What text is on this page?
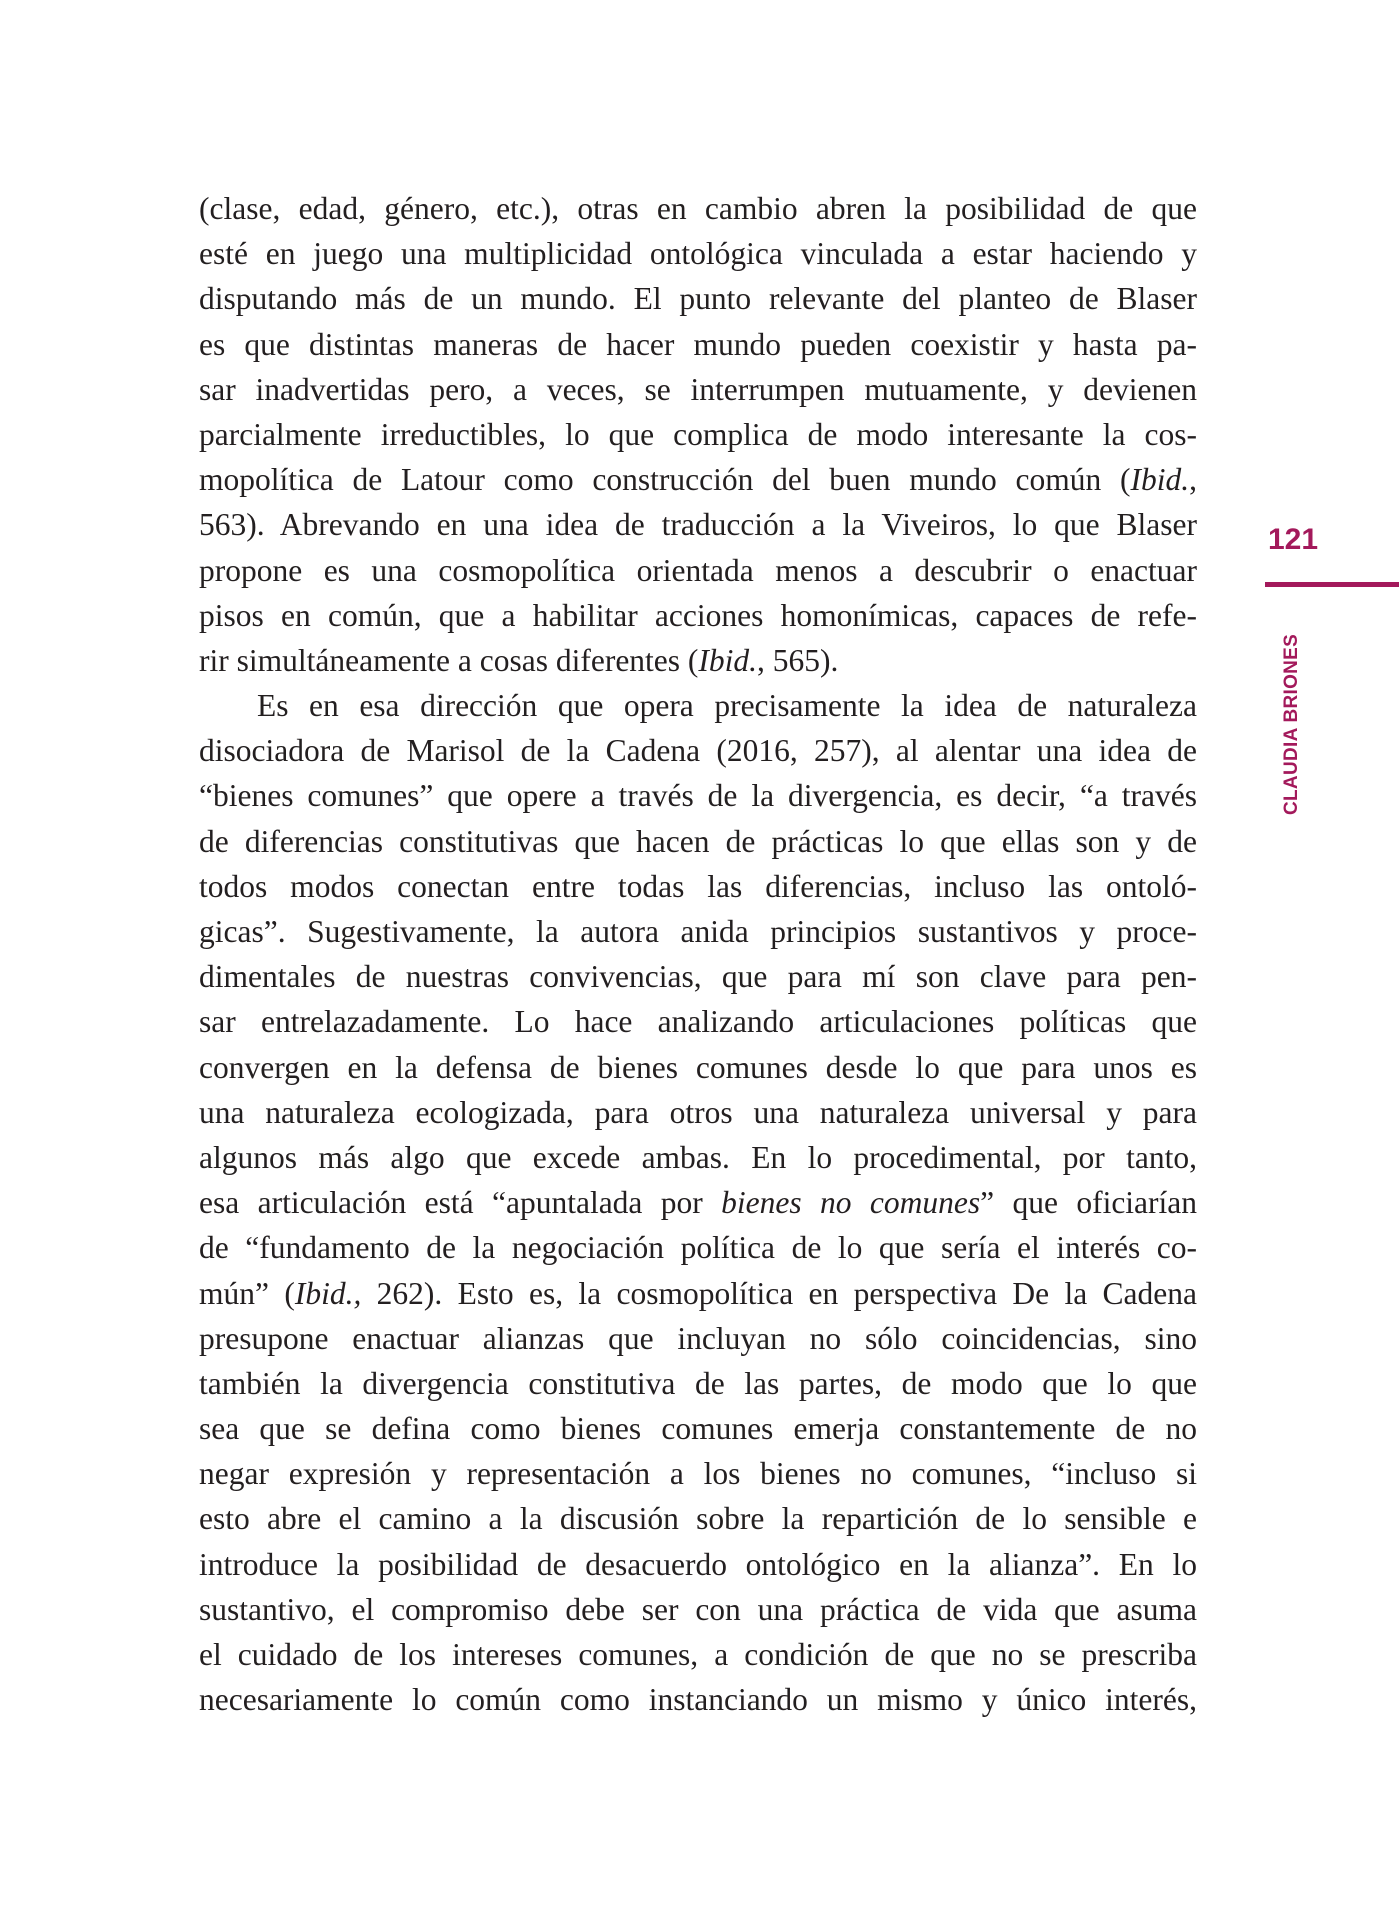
(clase, edad, género, etc.), otras en cambio abren la posibilidad de que
esté en juego una multiplicidad ontológica vinculada a estar haciendo y
disputando más de un mundo. El punto relevante del planteo de Blaser
es que distintas maneras de hacer mundo pueden coexistir y hasta pa-
sar inadvertidas pero, a veces, se interrumpen mutuamente, y devienen
parcialmente irreductibles, lo que complica de modo interesante la cos-
mopolítica de Latour como construcción del buen mundo común (Ibid.,
563). Abrevando en una idea de traducción a la Viveiros, lo que Blaser
propone es una cosmopolítica orientada menos a descubrir o enactuar
pisos en común, que a habilitar acciones homonímicas, capaces de refe-
rir simultáneamente a cosas diferentes (Ibid., 565).
Es en esa dirección que opera precisamente la idea de naturaleza
disociadora de Marisol de la Cadena (2016, 257), al alentar una idea de
“bienes comunes” que opere a través de la divergencia, es decir, “a través
de diferencias constitutivas que hacen de prácticas lo que ellas son y de
todos modos conectan entre todas las diferencias, incluso las ontoló-
gicas”. Sugestivamente, la autora anida principios sustantivos y proce-
dimentales de nuestras convivencias, que para mí son clave para pen-
sar entrelazadamente. Lo hace analizando articulaciones políticas que
convergen en la defensa de bienes comunes desde lo que para unos es
una naturaleza ecologizada, para otros una naturaleza universal y para
algunos más algo que excede ambas. En lo procedimental, por tanto,
esa articulación está “apuntalada por bienes no comunes” que oficiarían
de “fundamento de la negociación política de lo que sería el interés co-
mún” (Ibid., 262). Esto es, la cosmopolítica en perspectiva De la Cadena
presupone enactuar alianzas que incluyan no sólo coincidencias, sino
también la divergencia constitutiva de las partes, de modo que lo que
sea que se defina como bienes comunes emerja constantemente de no
negar expresión y representación a los bienes no comunes, “incluso si
esto abre el camino a la discusión sobre la repartición de lo sensible e
introduce la posibilidad de desacuerdo ontológico en la alianza”. En lo
sustantivo, el compromiso debe ser con una práctica de vida que asuma
el cuidado de los intereses comunes, a condición de que no se prescriba
necesariamente lo común como instanciando un mismo y único interés,
121
CLAUDIA BRIONES
